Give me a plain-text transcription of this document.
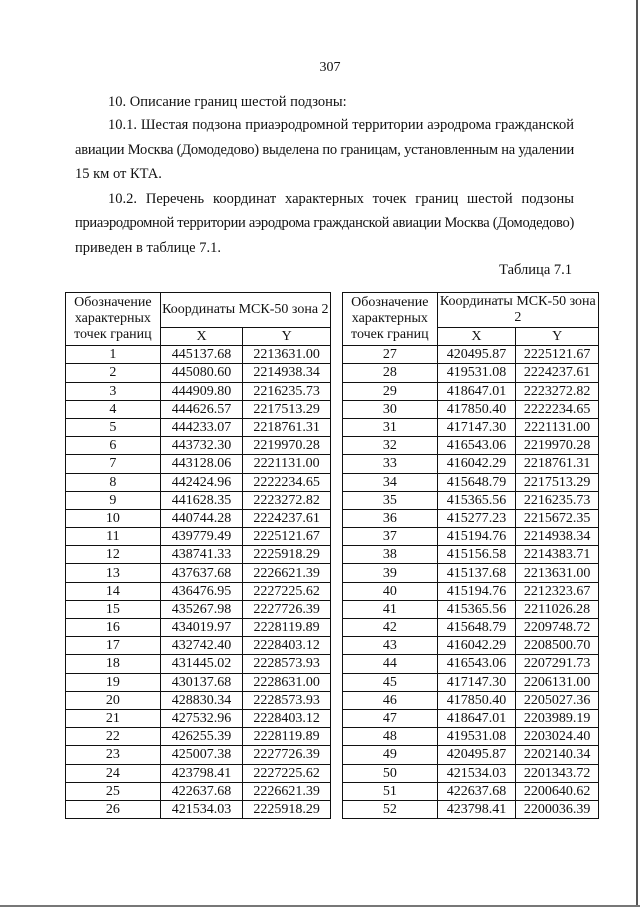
307
10. Описание границ шестой подзоны:
10.1. Шестая подзона приаэродромной территории аэродрома гражданской
авиации Москва (Домодедово) выделена по границам, установленным на удалении
15 км от КТА.
10.2. Перечень координат характерных точек границ шестой подзоны
приаэродромной территории аэродрома гражданской авиации Москва (Домодедово)
приведен в таблице 7.1.
Таблица 7.1
Обозначение характерных точек границ	Координаты МСК-50 зона 2	
	X	Y
1	445137.68	2213631.00
2	445080.60	2214938.34
3	444909.80	2216235.73
4	444626.57	2217513.29
5	444233.07	2218761.31
6	443732.30	2219970.28
7	443128.06	2221131.00
8	442424.96	2222234.65
9	441628.35	2223272.82
10	440744.28	2224237.61
11	439779.49	2225121.67
12	438741.33	2225918.29
13	437637.68	2226621.39
14	436476.95	2227225.62
15	435267.98	2227726.39
16	434019.97	2228119.89
17	432742.40	2228403.12
18	431445.02	2228573.93
19	430137.68	2228631.00
20	428830.34	2228573.93
21	427532.96	2228403.12
22	426255.39	2228119.89
23	425007.38	2227726.39
24	423798.41	2227225.62
25	422637.68	2226621.39
26	421534.03	2225918.29
Обозначение характерных точек границ	Координаты МСК-50 зона 2	
	X	Y
27	420495.87	2225121.67
28	419531.08	2224237.61
29	418647.01	2223272.82
30	417850.40	2222234.65
31	417147.30	2221131.00
32	416543.06	2219970.28
33	416042.29	2218761.31
34	415648.79	2217513.29
35	415365.56	2216235.73
36	415277.23	2215672.35
37	415194.76	2214938.34
38	415156.58	2214383.71
39	415137.68	2213631.00
40	415194.76	2212323.67
41	415365.56	2211026.28
42	415648.79	2209748.72
43	416042.29	2208500.70
44	416543.06	2207291.73
45	417147.30	2206131.00
46	417850.40	2205027.36
47	418647.01	2203989.19
48	419531.08	2203024.40
49	420495.87	2202140.34
50	421534.03	2201343.72
51	422637.68	2200640.62
52	423798.41	2200036.39
